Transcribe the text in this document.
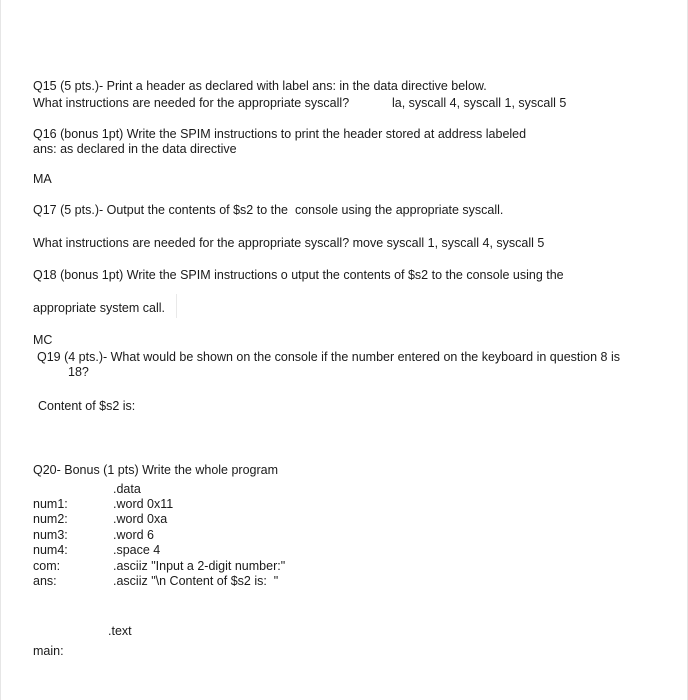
Q15 (5 pts.)- Print a header as declared with label ans: in the data directive below.
What instructions are needed for the appropriate syscall?	la, syscall 4, syscall 1, syscall 5
Q16 (bonus 1pt) Write the SPIM instructions to print the header stored at address labeled
ans: as declared in the data directive
MA
Q17 (5 pts.)- Output the contents of $s2 to the  console using the appropriate syscall.
What instructions are needed for the appropriate syscall? move syscall 1, syscall 4, syscall 5
Q18 (bonus 1pt) Write the SPIM instructions o utput the contents of $s2 to the console using the
appropriate system call.
MC
Q19 (4 pts.)- What would be shown on the console if the number entered on the keyboard in question 8 is
18?
Content of $s2 is:
Q20- Bonus (1 pts) Write the whole program
.data
num1:	.word 0x11
num2:	.word 0xa
num3:	.word 6
num4:	.space 4
com:	.asciiz "Input a 2-digit number:"
ans:	.asciiz "\n Content of $s2 is:  "
.text
main:
